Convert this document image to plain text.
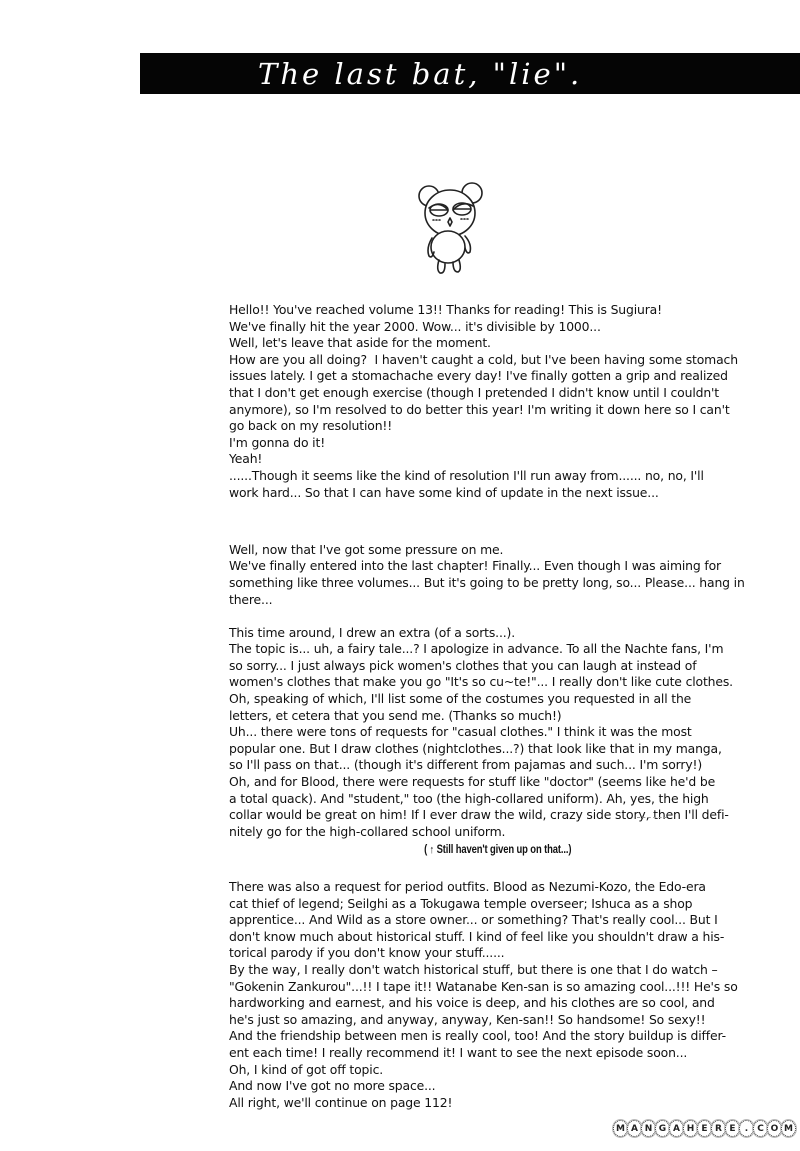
The last bat, "lie".
Hello!! You've reached volume 13!! Thanks for reading! This is Sugiura!
We've finally hit the year 2000. Wow... it's divisible by 1000...
Well, let's leave that aside for the moment.
How are you all doing?  I haven't caught a cold, but I've been having some stomach
issues lately. I get a stomachache every day! I've finally gotten a grip and realized
that I don't get enough exercise (though I pretended I didn't know until I couldn't
anymore), so I'm resolved to do better this year! I'm writing it down here so I can't
go back on my resolution!!
I'm gonna do it!
Yeah!
......Though it seems like the kind of resolution I'll run away from...... no, no, I'll
work hard... So that I can have some kind of update in the next issue...
Well, now that I've got some pressure on me.
We've finally entered into the last chapter! Finally... Even though I was aiming for
something like three volumes... But it's going to be pretty long, so... Please... hang in
there...
This time around, I drew an extra (of a sorts...).
The topic is... uh, a fairy tale...? I apologize in advance. To all the Nachte fans, I'm
so sorry... I just always pick women's clothes that you can laugh at instead of
women's clothes that make you go "It's so cu~te!"... I really don't like cute clothes.
Oh, speaking of which, I'll list some of the costumes you requested in all the
letters, et cetera that you send me. (Thanks so much!)
Uh... there were tons of requests for "casual clothes." I think it was the most
popular one. But I draw clothes (nightclothes...?) that look like that in my manga,
so I'll pass on that... (though it's different from pajamas and such... I'm sorry!)
Oh, and for Blood, there were requests for stuff like "doctor" (seems like he'd be
a total quack). And "student," too (the high-collared uniform). Ah, yes, the high
collar would be great on him! If I ever draw the wild, crazy side story, then I'll defi-
nitely go for the high-collared school uniform.
( ↑ Still haven't given up on that...)
There was also a request for period outfits. Blood as Nezumi-Kozo, the Edo-era
cat thief of legend; Seilghi as a Tokugawa temple overseer; Ishuca as a shop
apprentice... And Wild as a store owner... or something? That's really cool... But I
don't know much about historical stuff. I kind of feel like you shouldn't draw a his-
torical parody if you don't know your stuff......
By the way, I really don't watch historical stuff, but there is one that I do watch –
"Gokenin Zankurou"...!! I tape it!! Watanabe Ken-san is so amazing cool...!!! He's so
hardworking and earnest, and his voice is deep, and his clothes are so cool, and
he's just so amazing, and anyway, anyway, Ken-san!! So handsome! So sexy!!
And the friendship between men is really cool, too! And the story buildup is differ-
ent each time! I really recommend it! I want to see the next episode soon...
Oh, I kind of got off topic.
And now I've got no more space...
All right, we'll continue on page 112!
M A N G A H E R E	. C O M
